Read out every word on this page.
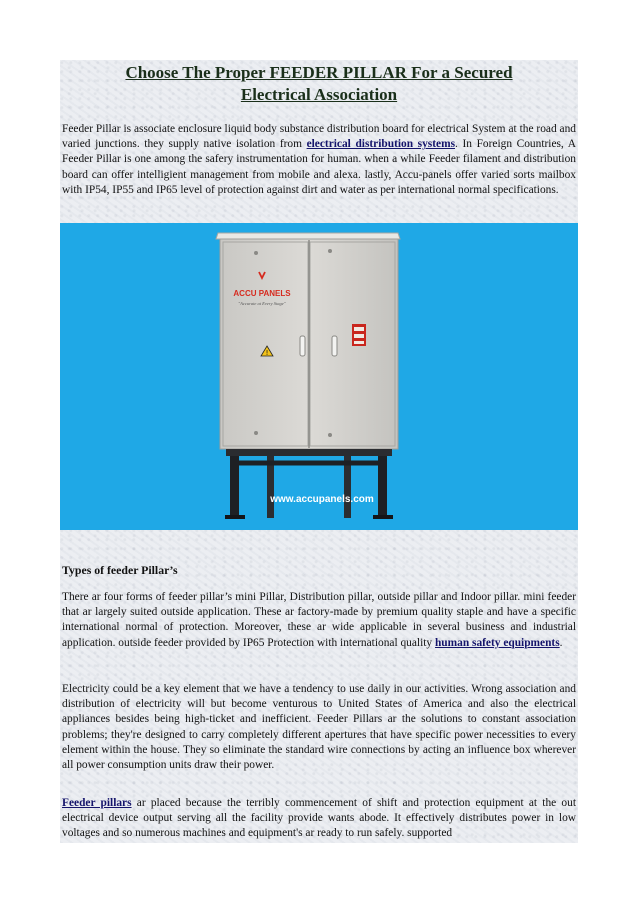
Choose The Proper FEEDER PILLAR For a Secured
Electrical Association

Feeder Pillar is associate enclosure liquid body substance distribution board for electrical System at the road and varied junctions. they supply native isolation from electrical distribution systems. In Foreign Countries, A Feeder Pillar is one among the safery instrumentation for human. when a while Feeder filament and distribution board can offer intelligient management from mobile and alexa. lastly, Accu-panels offer varied sorts mailbox with IP54, IP55 and IP65 level of protection against dirt and water as per international normal specifications.

ACCU PANELS
"Accurate at Every Stage"
!
www.accupanels.com
Types of feeder Pillar’s

There ar four forms of feeder pillar’s mini Pillar, Distribution pillar, outside pillar and Indoor pillar. mini feeder that ar largely suited outside application. These ar factory-made by premium quality staple and have a specific international normal of protection. Moreover, these ar wide applicable in several business and industrial application. outside feeder provided by IP65 Protection with international quality human safety equipments.

Electricity could be a key element that we have a tendency to use daily in our activities. Wrong association and distribution of electricity will but become venturous to United States of America and also the electrical appliances besides being high-ticket and inefficient. Feeder Pillars ar the solutions to constant association problems; they're designed to carry completely different apertures that have specific power necessities to every element within the house. They so eliminate the standard wire connections by acting an influence box wherever all power consumption units draw their power.

Feeder pillars ar placed because the terribly commencement of shift and protection equipment at the out electrical device output serving all the facility provide wants abode. It effectively distributes power in low voltages and so numerous machines and equipment's ar ready to run safely. supported
